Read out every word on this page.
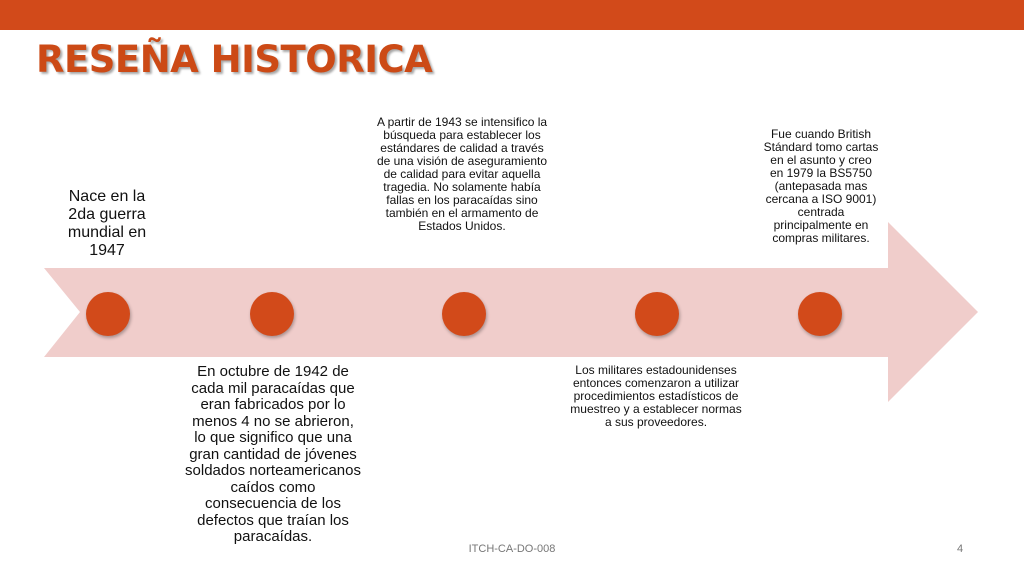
RESEÑA HISTORICA

Nace en la 2da guerra mundial en 1947

En octubre de 1942 de cada mil paracaídas que eran fabricados por lo menos 4 no se abrieron, lo que significo que una gran cantidad de jóvenes soldados norteamericanos caídos como consecuencia de los defectos que traían los paracaídas.

A partir de 1943 se intensifico la búsqueda para establecer los estándares de calidad a través de una visión de aseguramiento de calidad para evitar aquella tragedia. No solamente había fallas en los paracaídas sino también en el armamento de Estados Unidos.

Los militares estadounidenses entonces comenzaron a utilizar procedimientos estadísticos de muestreo y a establecer normas a sus proveedores.

Fue cuando British Stándard tomo cartas en el asunto y creo en 1979 la BS5750 (antepasada mas cercana a ISO 9001) centrada principalmente en compras militares.

ITCH-CA-DO-008	4
